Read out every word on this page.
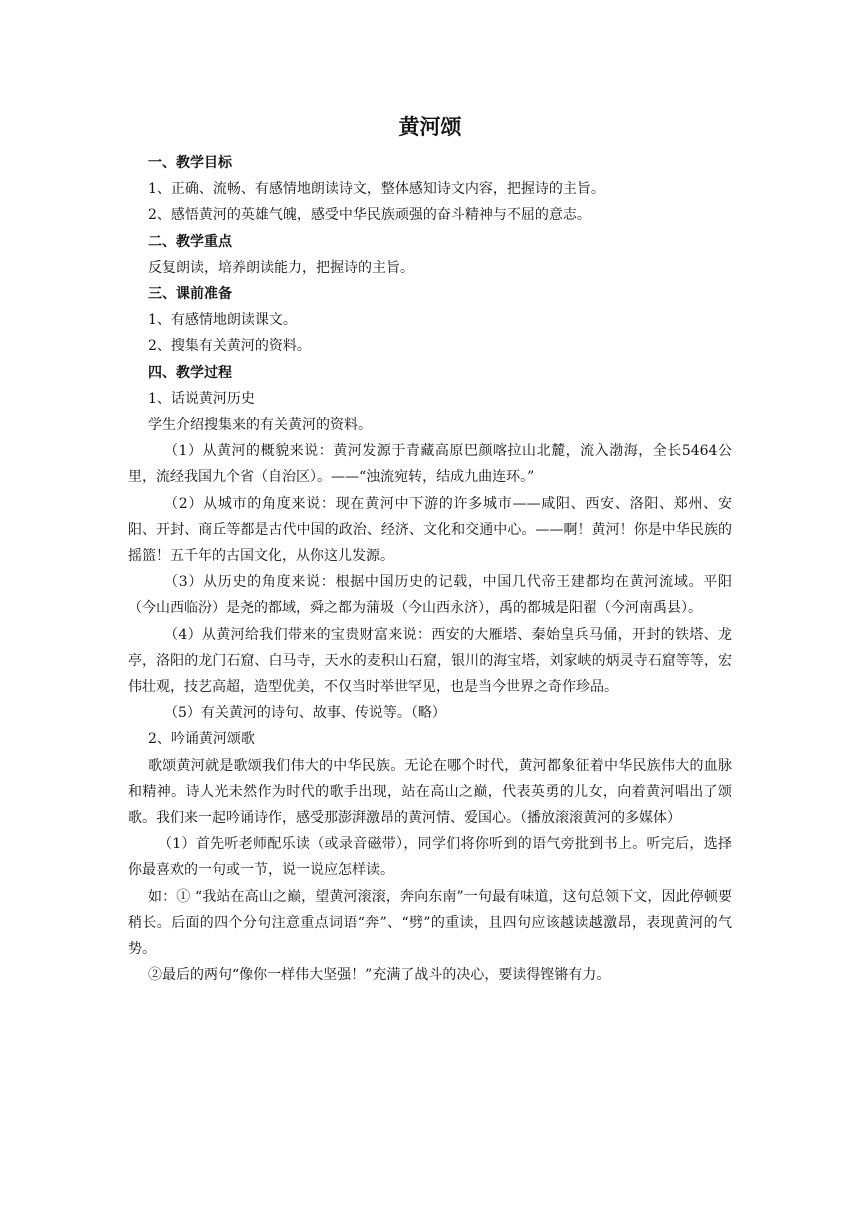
黄河颂

一、教学目标

1、正确、流畅、有感情地朗读诗文，整体感知诗文内容，把握诗的主旨。

2、感悟黄河的英雄气魄，感受中华民族顽强的奋斗精神与不屈的意志。

二、教学重点

反复朗读，培养朗读能力，把握诗的主旨。

三、课前准备

1、有感情地朗读课文。

2、搜集有关黄河的资料。

四、教学过程

1、话说黄河历史

学生介绍搜集来的有关黄河的资料。

（1）从黄河的概貌来说：黄河发源于青藏高原巴颜喀拉山北麓，流入渤海，全长5464公里，流经我国九个省（自治区）。——“浊流宛转，结成九曲连环。”

（2）从城市的角度来说：现在黄河中下游的许多城市——咸阳、西安、洛阳、郑州、安阳、开封、商丘等都是古代中国的政治、经济、文化和交通中心。——啊！黄河！你是中华民族的摇篮！五千年的古国文化，从你这儿发源。

（3）从历史的角度来说：根据中国历史的记载，中国几代帝王建都均在黄河流域。平阳（今山西临汾）是尧的都域，舜之都为蒲圾（今山西永济），禹的都城是阳翟（今河南禹县）。

（4）从黄河给我们带来的宝贵财富来说：西安的大雁塔、秦始皇兵马俑，开封的铁塔、龙亭，洛阳的龙门石窟、白马寺，天水的麦积山石窟，银川的海宝塔，刘家峡的炳灵寺石窟等等，宏伟壮观，技艺高超，造型优美，不仅当时举世罕见，也是当今世界之奇作珍品。

（5）有关黄河的诗句、故事、传说等。（略）

2、吟诵黄河颂歌

歌颂黄河就是歌颂我们伟大的中华民族。无论在哪个时代，黄河都象征着中华民族伟大的血脉和精神。诗人光未然作为时代的歌手出现，站在高山之巅，代表英勇的儿女，向着黄河唱出了颂歌。我们来一起吟诵诗作，感受那澎湃激昂的黄河情、爱国心。（播放滚滚黄河的多媒体）

（1）首先听老师配乐读（或录音磁带），同学们将你听到的语气旁批到书上。听完后，选择你最喜欢的一句或一节，说一说应怎样读。

如：① “我站在高山之巅，望黄河滚滚，奔向东南”一句最有味道，这句总领下文，因此停顿要稍长。后面的四个分句注意重点词语“奔”、“劈”的重读，且四句应该越读越激昂，表现黄河的气势。

②最后的两句“像你一样伟大坚强！”充满了战斗的决心，要读得铿锵有力。
